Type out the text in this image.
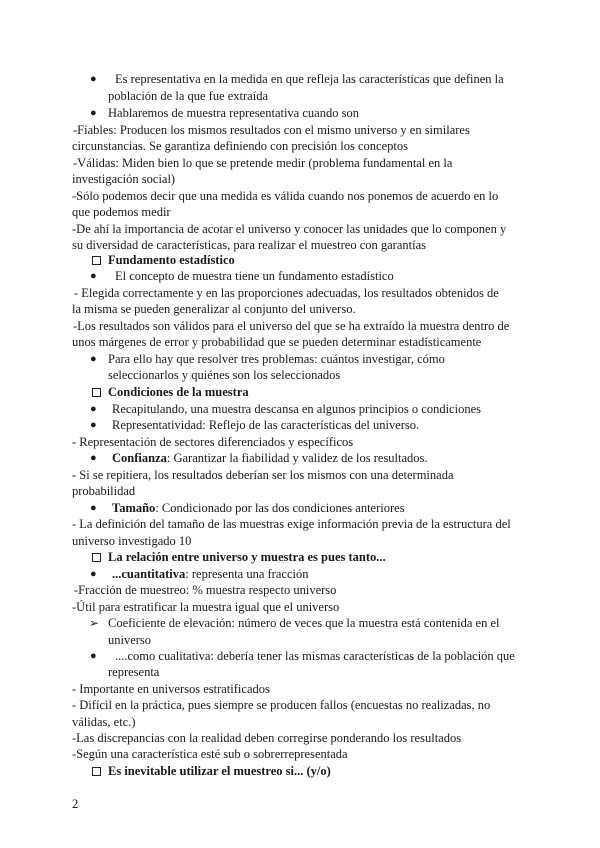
● Es representativa en la medida en que refleja las características que definen la
población de la que fue extraída
● Hablaremos de muestra representativa cuando son
-Fiables: Producen los mismos resultados con el mismo universo y en similares
circunstancias. Se garantiza definiendo con precisión los conceptos
-Válidas: Miden bien lo que se pretende medir (problema fundamental en la
investigación social)
-Sólo podemos decir que una medida es válida cuando nos ponemos de acuerdo en lo
que podemos medir
-De ahí la importancia de acotar el universo y conocer las unidades que lo componen y
su diversidad de características, para realizar el muestreo con garantías
Fundamento estadístico
● El concepto de muestra tiene un fundamento estadístico
- Elegida correctamente y en las proporciones adecuadas, los resultados obtenidos de
la misma se pueden generalizar al conjunto del universo.
-Los resultados son válidos para el universo del que se ha extraído la muestra dentro de
unos márgenes de error y probabilidad que se pueden determinar estadísticamente
● Para ello hay que resolver tres problemas: cuántos investigar, cómo
seleccionarlos y quiénes son los seleccionados
Condiciones de la muestra
● Recapitulando, una muestra descansa en algunos principios o condiciones
● Representatividad: Reflejo de las características del universo.
- Representación de sectores diferenciados y específicos
● Confianza: Garantizar la fiabilidad y validez de los resultados.
- Si se repitiera, los resultados deberían ser los mismos con una determinada
probabilidad
● Tamaño: Condicionado por las dos condiciones anteriores
- La definición del tamaño de las muestras exige información previa de la estructura del
universo investigado 10
La relación entre universo y muestra es pues tanto...
● ...cuantitativa: representa una fracción
-Fracción de muestreo: % muestra respecto universo
-Útil para estratificar la muestra igual que el universo
➢ Coeficiente de elevación: número de veces que la muestra está contenida en el
universo
● ....como cualitativa: debería tener las mismas características de la población que
representa
- Importante en universos estratificados
- Difícil en la práctica, pues siempre se producen fallos (encuestas no realizadas, no
válidas, etc.)
-Las discrepancias con la realidad deben corregirse ponderando los resultados
-Según una característica esté sub o sobrerrepresentada
Es inevitable utilizar el muestreo si... (y/o)
2
